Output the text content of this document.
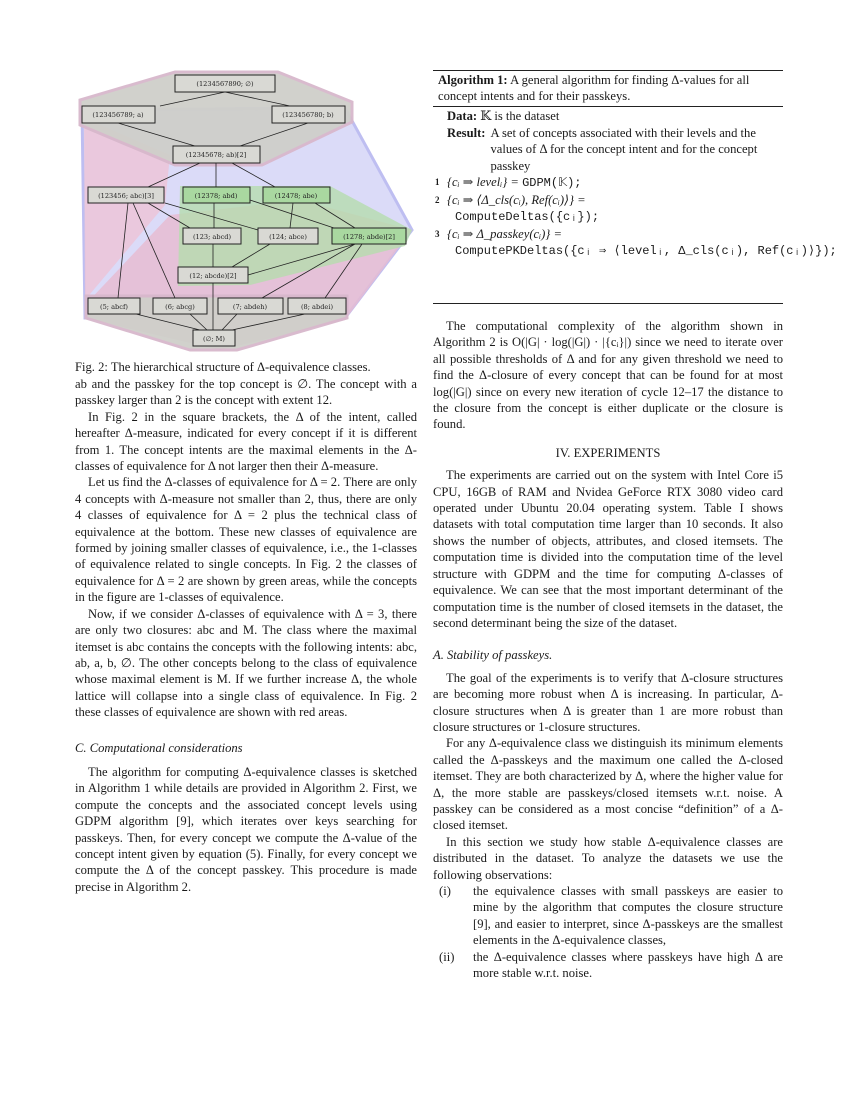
(1234567890; ∅)
(123456789; a)	(123456780; b)
(12345678; ab)[2]
(123456; abc)[3]	(12378; abd)	(12478; abe)
(123; abcd)	(124; abce)	(1278; abde)[2]
(12; abcde)[2]
(5; abcf)	(6; abcg)	(7; abdeh)	(8; abdei)
(∅; M)
Fig. 2: The hierarchical structure of Δ-equivalence classes.

ab and the passkey for the top concept is ∅. The concept with a passkey larger than 2 is the concept with extent 12.

In Fig. 2 in the square brackets, the Δ of the intent, called hereafter Δ-measure, indicated for every concept if it is different from 1. The concept intents are the maximal elements in the Δ-classes of equivalence for Δ not larger then their Δ-measure.

Let us find the Δ-classes of equivalence for Δ = 2. There are only 4 concepts with Δ-measure not smaller than 2, thus, there are only 4 classes of equivalence for Δ = 2 plus the technical class of equivalence at the bottom. These new classes of equivalence are formed by joining smaller classes of equivalence, i.e., the 1-classes of equivalence related to single concepts. In Fig. 2 the classes of equivalence for Δ = 2 are shown by green areas, while the concepts in the figure are 1-classes of equivalence.

Now, if we consider Δ-classes of equivalence with Δ = 3, there are only two closures: abc and M. The class where the maximal itemset is abc contains the concepts with the following intents: abc, ab, a, b, ∅. The other concepts belong to the class of equivalence whose maximal element is M. If we further increase Δ, the whole lattice will collapse into a single class of equivalence. In Fig. 2 these classes of equivalence are shown with red areas.

C. Computational considerations

The algorithm for computing Δ-equivalence classes is sketched in Algorithm 1 while details are provided in Algorithm 2. First, we compute the concepts and the associated concept levels using GDPM algorithm [9], which iterates over keys searching for passkeys. Then, for every concept we compute the Δ-value of the concept intent given by equation (5). Finally, for every concept we compute the Δ of the concept passkey. This procedure is made precise in Algorithm 2.

Algorithm 1: A general algorithm for finding Δ-values for all concept intents and for their passkeys.
Data: 𝕂 is the dataset
Result: A set of concepts associated with their levels and the values of Δ for the concept intent and for the concept passkey
1 {cᵢ ⇒ levelᵢ} = GDPM(𝕂);
2 {cᵢ ⇒ ⟨Δ_cls(cᵢ), Ref(cᵢ)⟩} =
ComputeDeltas({cᵢ});
3 {cᵢ ⇒ Δ_passkey(cᵢ)} =
ComputePKDeltas({cᵢ ⇒ ⟨levelᵢ, Δ_cls(cᵢ), Ref(cᵢ)⟩});

The computational complexity of the algorithm shown in Algorithm 2 is O(|G| · log(|G|) · |{cᵢ}|) since we need to iterate over all possible thresholds of Δ and for any given threshold we need to find the Δ-closure of every concept that can be found for at most log(|G|) since on every new iteration of cycle 12–17 the distance to the closure from the concept is either duplicate or the closure is found.

IV. EXPERIMENTS

The experiments are carried out on the system with Intel Core i5 CPU, 16GB of RAM and Nvidea GeForce RTX 3080 video card operated under Ubuntu 20.04 operating system. Table I shows datasets with total computation time larger than 10 seconds. It also shows the number of objects, attributes, and closed itemsets. The computation time is divided into the computation time of the level structure with GDPM and the time for computing Δ-classes of equivalence. We can see that the most important determinant of the computation time is the number of closed itemsets in the dataset, the second determinant being the size of the dataset.

A. Stability of passkeys.

The goal of the experiments is to verify that Δ-closure structures are becoming more robust when Δ is increasing. In particular, Δ-closure structures when Δ is greater than 1 are more robust than closure structures or 1-closure structures.

For any Δ-equivalence class we distinguish its minimum elements called the Δ-passkeys and the maximum one called the Δ-closed itemset. They are both characterized by Δ, where the higher value for Δ, the more stable are passkeys/closed itemsets w.r.t. noise. A passkey can be considered as a most concise “definition” of a Δ-closed itemset.

In this section we study how stable Δ-equivalence classes are distributed in the dataset. To analyze the datasets we use the following observations:

(i) the equivalence classes with small passkeys are easier to mine by the algorithm that computes the closure structure [9], and easier to interpret, since Δ-passkeys are the smallest elements in the Δ-equivalence classes,

(ii) the Δ-equivalence classes where passkeys have high Δ are more stable w.r.t. noise.
